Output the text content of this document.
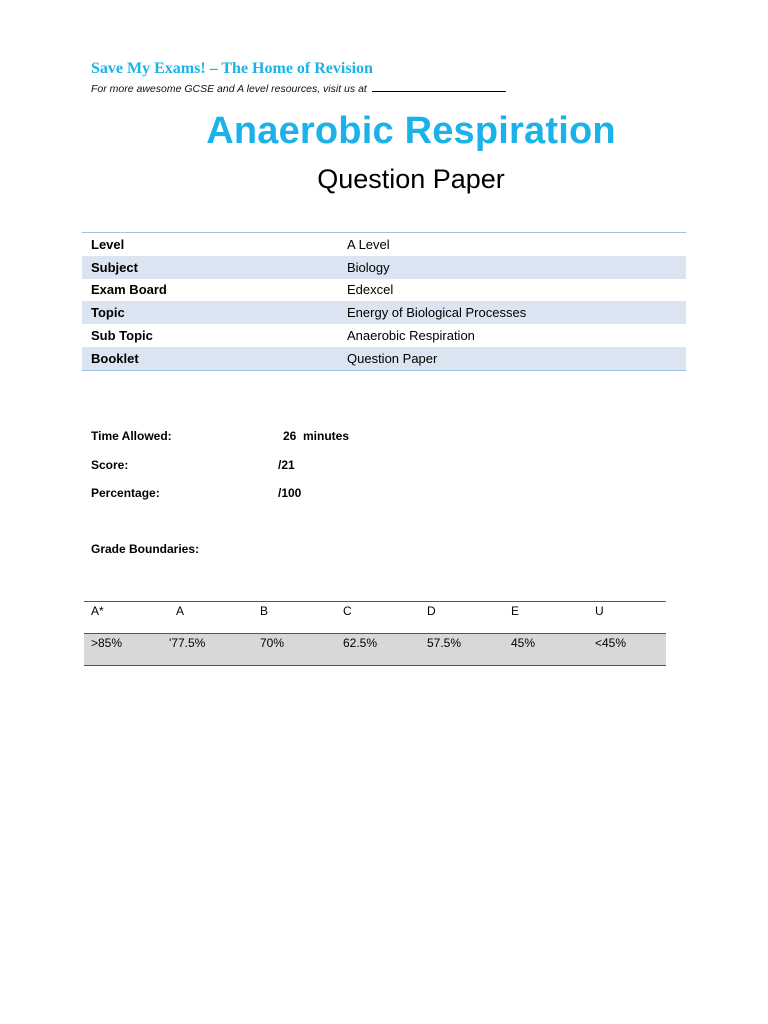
Save My Exams! – The Home of Revision
For more awesome GCSE and A level resources, visit us at
Anaerobic Respiration
Question Paper
Level	A Level
Subject	Biology
Exam Board	Edexcel
Topic	Energy of Biological Processes
Sub Topic	Anaerobic Respiration
Booklet	Question Paper
Time Allowed:	26  minutes
Score:	/21
Percentage:	/100
Grade Boundaries:
A*	A	B	C	D	E	U
>85%	'77.5%	70%	62.5%	57.5%	45%	<45%
